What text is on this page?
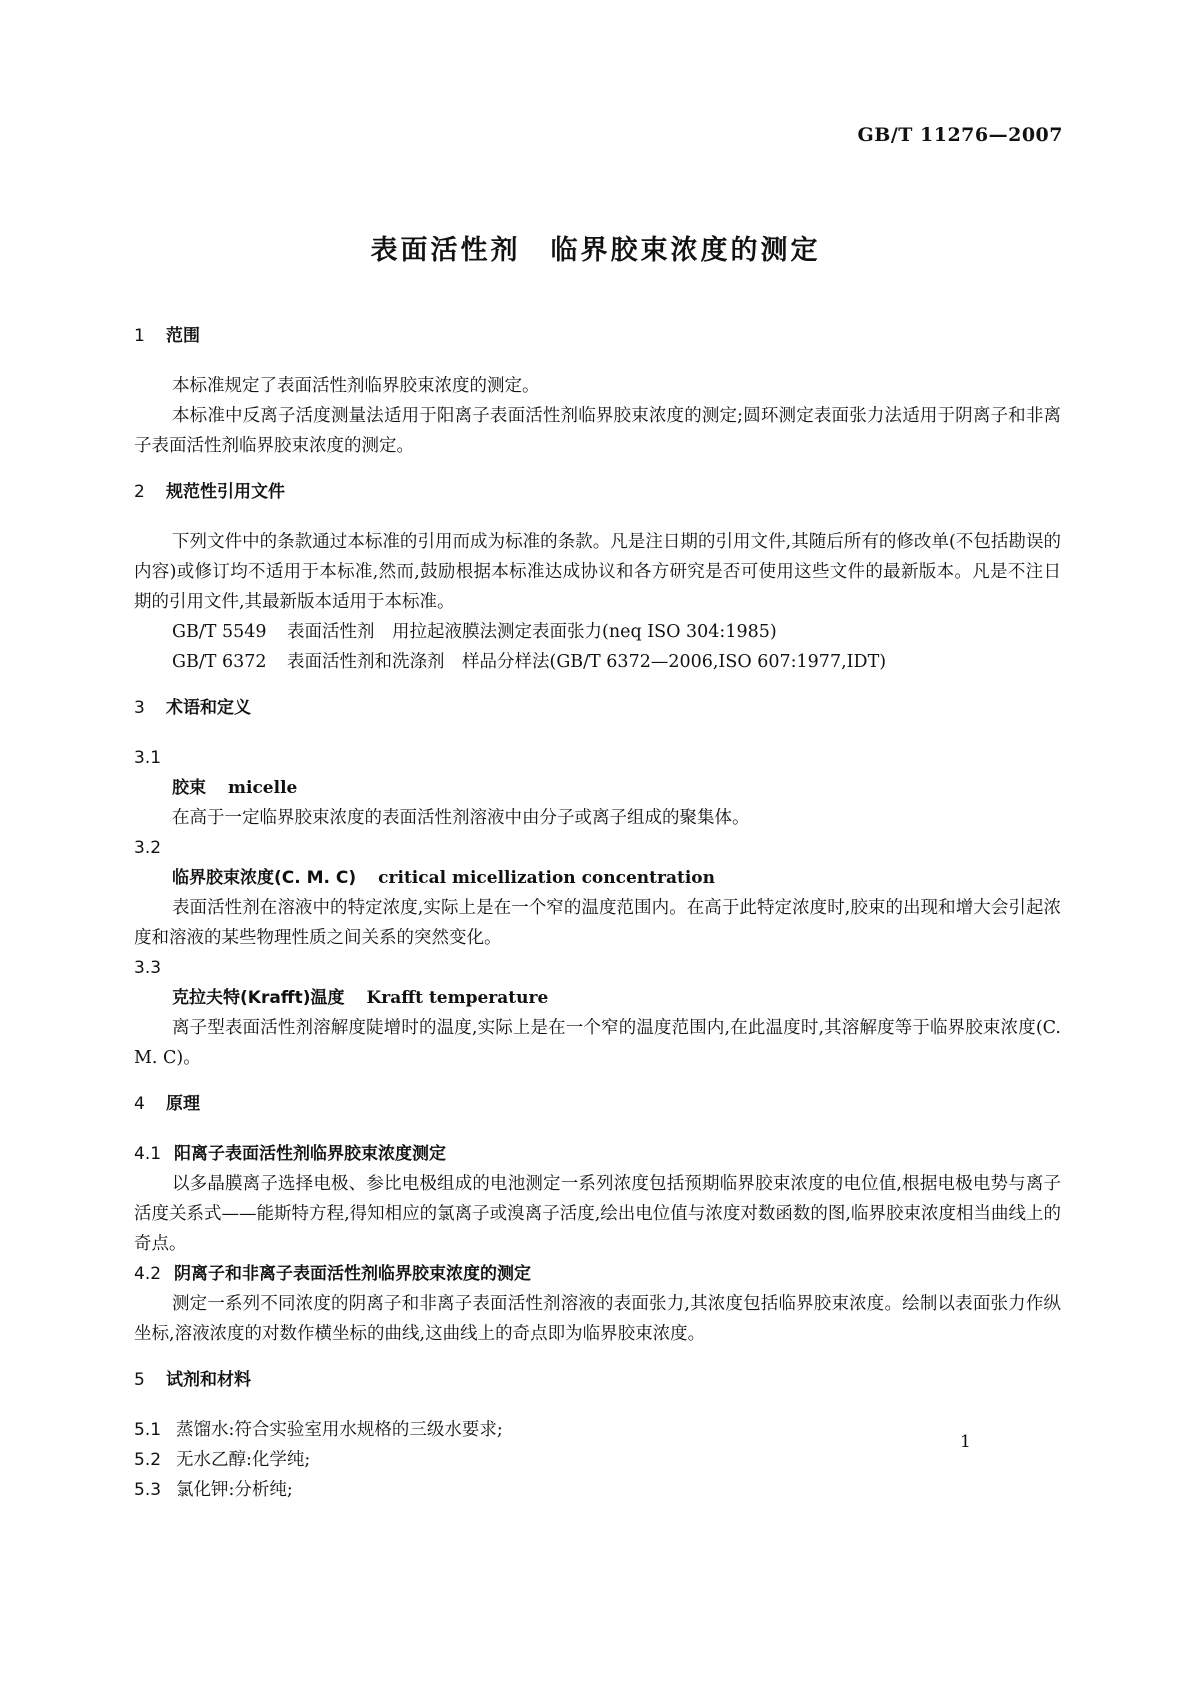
GB/T 11276—2007
表面活性剂　临界胶束浓度的测定
1 范围

本标准规定了表面活性剂临界胶束浓度的测定。

本标准中反离子活度测量法适用于阳离子表面活性剂临界胶束浓度的测定;圆环测定表面张力法适用于阴离子和非离子表面活性剂临界胶束浓度的测定。

2 规范性引用文件

下列文件中的条款通过本标准的引用而成为标准的条款。凡是注日期的引用文件,其随后所有的修改单(不包括勘误的内容)或修订均不适用于本标准,然而,鼓励根据本标准达成协议和各方研究是否可使用这些文件的最新版本。凡是不注日期的引用文件,其最新版本适用于本标准。

GB/T 5549 表面活性剂　用拉起液膜法测定表面张力(neq ISO 304:1985)
GB/T 6372 表面活性剂和洗涤剂　样品分样法(GB/T 6372—2006,ISO 607:1977,IDT)
3 术语和定义
3.1
胶束 micelle

在高于一定临界胶束浓度的表面活性剂溶液中由分子或离子组成的聚集体。

3.2
临界胶束浓度(C. M. C) critical micellization concentration

表面活性剂在溶液中的特定浓度,实际上是在一个窄的温度范围内。在高于此特定浓度时,胶束的出现和增大会引起浓度和溶液的某些物理性质之间关系的突然变化。

3.3
克拉夫特(Krafft)温度 Krafft temperature

离子型表面活性剂溶解度陡增时的温度,实际上是在一个窄的温度范围内,在此温度时,其溶解度等于临界胶束浓度(C. M. C)。

4 原理
4.1 阳离子表面活性剂临界胶束浓度测定

以多晶膜离子选择电极、参比电极组成的电池测定一系列浓度包括预期临界胶束浓度的电位值,根据电极电势与离子活度关系式——能斯特方程,得知相应的氯离子或溴离子活度,绘出电位值与浓度对数函数的图,临界胶束浓度相当曲线上的奇点。

4.2 阴离子和非离子表面活性剂临界胶束浓度的测定

测定一系列不同浓度的阴离子和非离子表面活性剂溶液的表面张力,其浓度包括临界胶束浓度。绘制以表面张力作纵坐标,溶液浓度的对数作横坐标的曲线,这曲线上的奇点即为临界胶束浓度。

5 试剂和材料
5.1 蒸馏水:符合实验室用水规格的三级水要求;
5.2 无水乙醇:化学纯;
5.3 氯化钾:分析纯;
1
